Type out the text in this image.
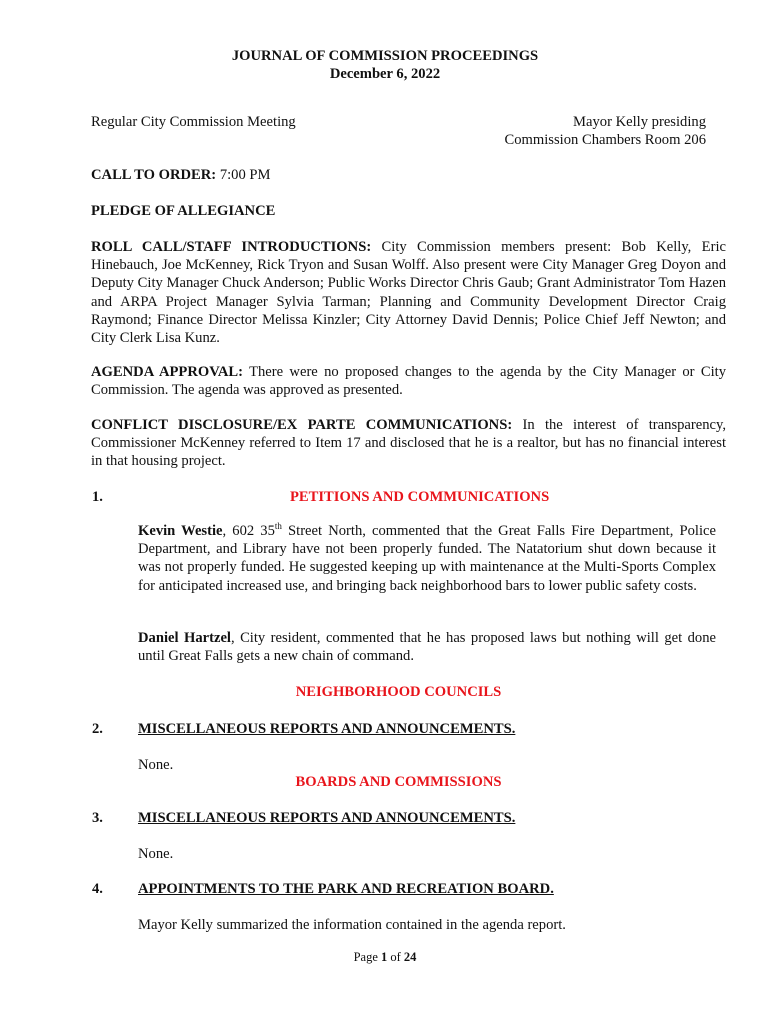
JOURNAL OF COMMISSION PROCEEDINGS
December 6, 2022
Regular City Commission Meeting	Mayor Kelly presiding
Commission Chambers Room 206

CALL TO ORDER: 7:00 PM

PLEDGE OF ALLEGIANCE

ROLL CALL/STAFF INTRODUCTIONS: City Commission members present: Bob Kelly, Eric Hinebauch, Joe McKenney, Rick Tryon and Susan Wolff. Also present were City Manager Greg Doyon and Deputy City Manager Chuck Anderson; Public Works Director Chris Gaub; Grant Administrator Tom Hazen and ARPA Project Manager Sylvia Tarman; Planning and Community Development Director Craig Raymond; Finance Director Melissa Kinzler; City Attorney David Dennis; Police Chief Jeff Newton; and City Clerk Lisa Kunz.

AGENDA APPROVAL: There were no proposed changes to the agenda by the City Manager or City Commission. The agenda was approved as presented.

CONFLICT DISCLOSURE/EX PARTE COMMUNICATIONS: In the interest of transparency, Commissioner McKenney referred to Item 17 and disclosed that he is a realtor, but has no financial interest in that housing project.

1.	PETITIONS AND COMMUNICATIONS

Kevin Westie, 602 35th Street North, commented that the Great Falls Fire Department, Police Department, and Library have not been properly funded. The Natatorium shut down because it was not properly funded. He suggested keeping up with maintenance at the Multi-Sports Complex for anticipated increased use, and bringing back neighborhood bars to lower public safety costs.

Daniel Hartzel, City resident, commented that he has proposed laws but nothing will get done until Great Falls gets a new chain of command.

NEIGHBORHOOD COUNCILS
2. MISCELLANEOUS REPORTS AND ANNOUNCEMENTS.
None.
BOARDS AND COMMISSIONS
3. MISCELLANEOUS REPORTS AND ANNOUNCEMENTS.
None.
4. APPOINTMENTS TO THE PARK AND RECREATION BOARD.
Mayor Kelly summarized the information contained in the agenda report.
Page 1 of 24
